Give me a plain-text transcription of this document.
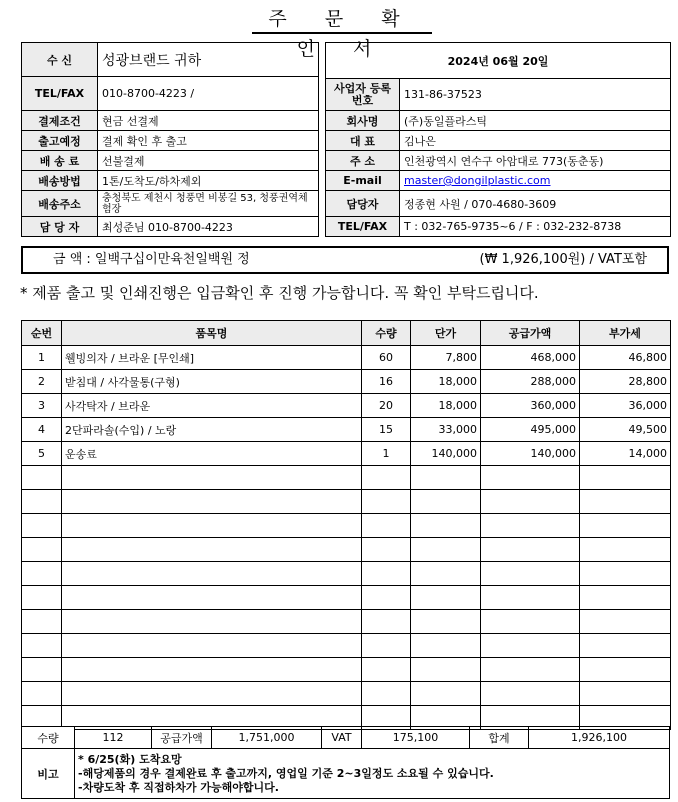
주 문 확 인 서
수 신	성광브랜드 귀하
TEL/FAX	010-8700-4223 /
결제조건	현금 선결제
출고예정	결제 확인 후 출고
배 송 료	선불결제
배송방법	1톤/도착도/하차제외
배송주소	충청북도 제천시 청풍면 비봉길 53, 청풍권역체험장
담 당 자	최성준님 010-8700-4223
2024년 06월 20일	
사업자 등록번호	131-86-37523
회사명	(주)동일플라스틱
대 표	김나은
주 소	인천광역시 연수구 아암대로 773(동춘동)
E-mail	master@dongilplastic.com
담당자	정종현 사원 / 070-4680-3609
TEL/FAX	T : 032-765-9735~6 / F : 032-232-8738
금 액 : 일백구십이만육천일백원 정	(₩ 1,926,100원) / VAT포함
* 제품 출고 및 인쇄진행은 입금확인 후 진행 가능합니다. 꼭 확인 부탁드립니다.
순번	품목명	수량	단가	공급가액	부가세
1	웰빙의자 / 브라운 [무인쇄]	60	7,800	468,000	46,800
2	받침대 / 사각물통(구형)	16	18,000	288,000	28,800
3	사각탁자 / 브라운	20	18,000	360,000	36,000
4	2단파라솔(수입) / 노랑	15	33,000	495,000	49,500
5	운송료	1	140,000	140,000	14,000

수량	112	공급가액	1,751,000	VAT	175,100	합계	1,926,100
비고	
* 6/25(화) 도착요망
-해당제품의 경우 결제완료 후 출고까지, 영업일 기준 2~3일정도 소요될 수 있습니다.
-차량도착 후 직접하차가 가능해야합니다.
